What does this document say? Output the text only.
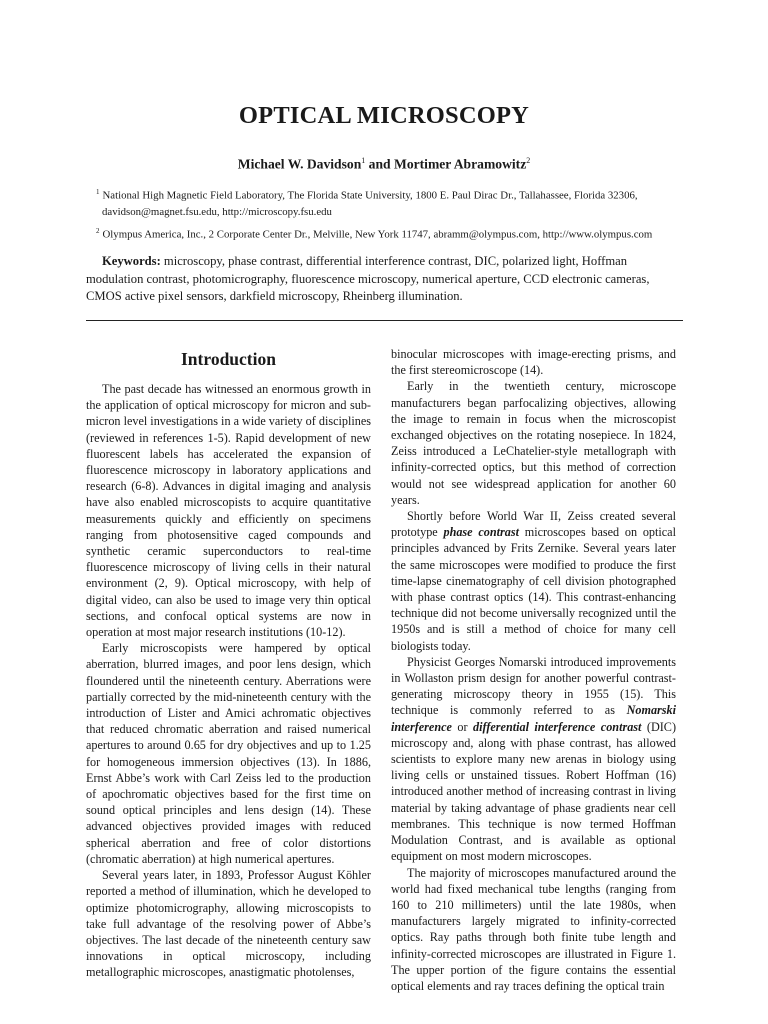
OPTICAL MICROSCOPY
Michael W. Davidson$^1$ and Mortimer Abramowitz$^2$
$^1$ National High Magnetic Field Laboratory, The Florida State University, 1800 E. Paul Dirac Dr., Tallahassee, Florida 32306,
davidson@magnet.fsu.edu, http://microscopy.fsu.edu
$^2$ Olympus America, Inc., 2 Corporate Center Dr., Melville, New York 11747, abramm@olympus.com, http://www.olympus.com
Keywords: microscopy, phase contrast, differential interference contrast, DIC, polarized light, Hoffman modulation contrast, photomicrography, fluorescence microscopy, numerical aperture, CCD electronic cameras, CMOS active pixel sensors, darkfield microscopy, Rheinberg illumination.
Introduction

The past decade has witnessed an enormous growth in the application of optical microscopy for micron and sub-micron level investigations in a wide variety of disciplines (reviewed in references 1-5). Rapid development of new fluorescent labels has accelerated the expansion of fluorescence microscopy in laboratory applications and research (6-8). Advances in digital imaging and analysis have also enabled microscopists to acquire quantitative measurements quickly and efficiently on specimens ranging from photosensitive caged compounds and synthetic ceramic superconductors to real-time fluorescence microscopy of living cells in their natural environment (2, 9). Optical microscopy, with help of digital video, can also be used to image very thin optical sections, and confocal optical systems are now in operation at most major research institutions (10-12).

Early microscopists were hampered by optical aberration, blurred images, and poor lens design, which floundered until the nineteenth century. Aberrations were partially corrected by the mid-nineteenth century with the introduction of Lister and Amici achromatic objectives that reduced chromatic aberration and raised numerical apertures to around 0.65 for dry objectives and up to 1.25 for homogeneous immersion objectives (13). In 1886, Ernst Abbe’s work with Carl Zeiss led to the production of apochromatic objectives based for the first time on sound optical principles and lens design (14). These advanced objectives provided images with reduced spherical aberration and free of color distortions (chromatic aberration) at high numerical apertures.

Several years later, in 1893, Professor August Köhler reported a method of illumination, which he developed to optimize photomicrography, allowing microscopists to take full advantage of the resolving power of Abbe’s objectives. The last decade of the nineteenth century saw innovations in optical microscopy, including metallographic microscopes, anastigmatic photolenses,

binocular microscopes with image-erecting prisms, and the first stereomicroscope (14).

Early in the twentieth century, microscope manufacturers began parfocalizing objectives, allowing the image to remain in focus when the microscopist exchanged objectives on the rotating nosepiece. In 1824, Zeiss introduced a LeChatelier-style metallograph with infinity-corrected optics, but this method of correction would not see widespread application for another 60 years.

Shortly before World War II, Zeiss created several prototype phase contrast microscopes based on optical principles advanced by Frits Zernike. Several years later the same microscopes were modified to produce the first time-lapse cinematography of cell division photographed with phase contrast optics (14). This contrast-enhancing technique did not become universally recognized until the 1950s and is still a method of choice for many cell biologists today.

Physicist Georges Nomarski introduced improvements in Wollaston prism design for another powerful contrast-generating microscopy theory in 1955 (15). This technique is commonly referred to as Nomarski interference or differential interference contrast (DIC) microscopy and, along with phase contrast, has allowed scientists to explore many new arenas in biology using living cells or unstained tissues. Robert Hoffman (16) introduced another method of increasing contrast in living material by taking advantage of phase gradients near cell membranes. This technique is now termed Hoffman Modulation Contrast, and is available as optional equipment on most modern microscopes.

The majority of microscopes manufactured around the world had fixed mechanical tube lengths (ranging from 160 to 210 millimeters) until the late 1980s, when manufacturers largely migrated to infinity-corrected optics. Ray paths through both finite tube length and infinity-corrected microscopes are illustrated in Figure 1. The upper portion of the figure contains the essential optical elements and ray traces defining the optical train
